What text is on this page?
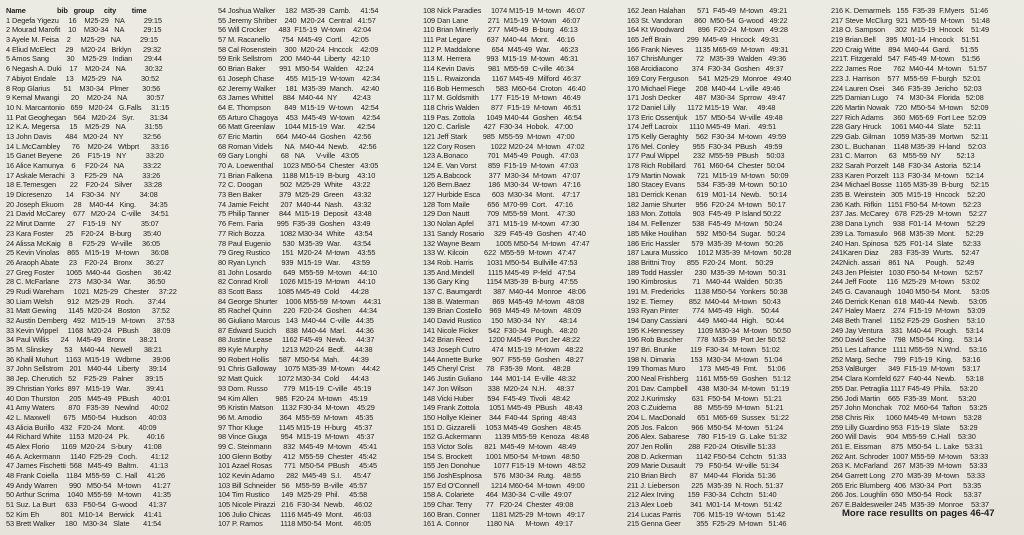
Name                bib   group     city        time
1 Degefa Yigezu     16    M25-29   NA          29:15
2 Mourad Marofit    10    M30-34   NA          29:15
3 Ayele M. Feisa    2     M25-29   NA          29:15
4 Eliud McElect     29    M20-24   Brklyn      29:32
5 Amos Sang         30    M25-29   Indian      29:44
6 Negash A. Duki    17    M20-24   NA          30:32
7 Abiyot Endale     13    M25-29   NA          30:52
8 Rop Glarius       51    M30-34   Plmer       30:56
9 Kemal Mwangi      20    M20-24   NA          30:57
10 N. Marcantonio   659   M20-24   G.Falls     31:15
11 Pat Geoghegan    564   M20-24   Syr.        31:34
12 K.A. Megersa     15    M25-29   NA          31:55
13 John Davis       484   M20-24   NY          32:56
14 L.McCambley      76    M20-24   Wtbprt      33:16
15 Ganet Beyene     26    F15-19   NY          33:20
16 Alice Kamunya    6     F20-24   NA          33:22
17 Askale Merachi   3     F25-29   NA          33:26
18 E.Temesgen       22    F20-24   Silver      33:28
19 Dicresenzo       14    F30-34   NY          34:08
20 Joseph Ekuom     28    M40-44   King.       34:35
21 David McCarey    677   M20-24   C-ville     34:51
22 Mirut Damte      27    F15-19   NY          35:07
23 Kara Foster      25    F20-24   B-burg      35:40
24 Alissa McKaig    8     F25-29   W-ville     36:05
25 Kevin Vinolas    865   M15-19   M-town      36:08
26 Araoph Abate     23    F20-24   Bronx       36:27
27 Greg Foster      1065  M40-44   Goshen      36:42
28 C. McFarlane     273   M30-34   War.        36:50
29 Rudi Wareham     1021  M25-29   Chester     37:22
30 Liam Welsh       912   M25-29   Roch.       37:44
31 Matt Gewing      1145  M20-24   Boston      37:52
32 Austin Demberg   492   M15-19   M-town      37:53
33 Kevin Wippel     1168  M20-24   PBush       38:09
34 Paul Willis      24    M45-49   Bronx       38:21
35 M. Slinskey      53    M40-44   Newell      38:21
36 Khalil Muhurt    1163  M15-19   Wdbrne      39:06
37 John Sellstrom   201   M40-44   Liberty     39:14
38 Jep. Cherutich   52    F25-29   Palner      39:15
39 Christian Yorks  897   M15-19   War.        39:41
40 Don Thurston     205   M45-49   PBush       40:01
41 Amy Waters       870   F35-39   Newlnd      40:02
42 L. Maxwell       675   M50-54   Hudson      40:03
43 Alicia Burillo   432   F20-24   Mont.       40:09
44 Richard White    1153  M20-24   Pk.         40:16
45 Alex Florio      1169  M20-24   S-bury      41:08
46 A. Ackermann     1140  F25-29   Coch.       41:12
47 James Fischetti  568   M45-49   Baltm.      41:13
48 Frank Coiella    1184  M55-59   C. Hall     41:26
49 Andy Warren      990   M50-54   M-town      41:27
50 Arthur Scrima    1040  M55-59   M-town      41:35
51 Suz. La Burt     633   F50-54   G-wood      41:37
52 Kim Eh           801   M10-14   Berwick     41:41
53 Brett Walker     180   M30-34   Slate       41:54
54 Joshua Walker     182  M35-39  Camb.     41:54
55 Jeremy Shriber    240  M20-24  Central   41:57
56 Will Crocker      483  F15-19  W-town    42:04
57 M. Racanello      754  M45-49  Cortl.    42:05
58 Cal Rosenstein    300  M20-24  Hnccck    42:09
59 Erik Sellstrom    200  M40-44  Liberty   42:10
60 Brian Baker       991  M50-54  Walden    42:24
61 Joseph Chase      455  M15-19  W-town    42:34
62 Jeremy Walker     181  M35-39  Manch.    42:40
63 James Whittel     884  M40-44  NY        42:43
64 E. Thompson       849  M15-19  W-town    42:54
65 Arturo Chagoya    453  M45-49  W-town    42:54
66 Matt Greenlaw     1044 M15-19  War.      42:54
67 Eric Martin       664  M40-44  Goshen    42:56
68 Roman Videls      NA   M40-44  Newb.     42:56
69 Gary Longhi       68   NA      V-ville   43:05
70 A. Loewenthal     1023 M50-54  Chester   43:05
71 Brian Falkena     1188 M15-19  B-burg    43:10
72 C. Doogan         502  M25-29  White     43:22
73 Ben Baker         379  M25-29  Green     43:32
74 Jamie Feicht      207  M40-44  Nash.     43:32
75 Philip Tanner     844  M15-19  Deposit   43:48
76 Fern. Faria       995  F35-39  Goshen    43:49
77 Rich Bozza        1082 M30-34  White     43:54
78 Paul Eugenio      530  M35-39  War.      43:54
79 Greg Rustico      151  M20-24  M-town    43:55
80 Ryan Lynch        939  M15-19  War.      43:59
81 John Losardo      649  M55-59  M-town    44:10
82 Conrad Kroll      1026 M15-19  M-town    44:10
83 Scott Bass        1085 M45-49  Cold      44:28
84 George Shurter    1006 M55-59  M-town    44:31
85 Rachel Quinn      220  F20-24  Goshen    44:34
86 Giuliano Marcus   143  M40-44  C-ville   44:35
87 Edward Sucich     838  M40-44  Marl.     44:36
88 Justine Lease     1162 F45-49  Newb.     44:37
89 Kyle Murphy       1213 M20-24  Bedf.     44:38
90 Robert Hollis     587  M50-54  Mah.      44:39
91 Chris Galloway    1075 M35-39  M-town    44:42
92 Matt Quick        1072 M30-34  Cold      44:43
93 Dom. Russo        779  M15-19  C-ville   45:19
94 Kim Allen         985  F20-24  M-town    45:19
95 Kristin Matson    1132 F30-34  M-town    45:29
96 M. Amodio         364  M55-59  M-town    45:35
97 Thor Kluge        1145 M15-19  H-burg    45:37
98 Vince Giuga       954  M15-19  M-town    45:37
99 C. Steinmann      832  M45-49  M-town    45:41
100 Glenn Botby      412  M55-59  Chester   45:42
101 Azael Rosas      771  M50-54  PBush     45:45
102 Kevin Adamo      282  M45-49  S.I.      45:47
103 Bill Schneider   56   M55-59  B-ville   45:57
104 Tim Rustico      149  M25-29  Phil.     45:58
105 Nicole Pirazzi   216  F30-34  Newb.     46:02
106 Julio Chicas     1116 M45-49  Mont.     46:03
107 P. Ramos         1118 M50-54  Mont.     46:05
108 Nick Paradies     1074 M15-19  M-town   46:07
109 Dan Lane          271  M15-19  W-town   46:07
110 Brian Minerly     277  M45-49  B-burg   46:13
111 Pat Legare        637  M40-44  Mont.    46:16
112 P. Maddalone      654  M45-49  War.     46:23
113 M. Herrera        993  M15-19  M-town   46:31
114 Kevin Davis       981  M55-59  C-ville  46:34
115 L. Rwaizonda      1167 M45-49  Milford  46:37
116 Bob Hermesch      583  M60-64  Croton   46:40
117 M. Goldsmith      177  F15-19  M-town   46:49
118 Chris Walden      877  F15-19  M-town   46:51
119 Pas. Zottola      1049 M40-44  Goshen   46:54
120 C. Carlisle       427  F30-34  Hobok.   47:00
121 Jeff Stark        985  M55-59  M-town   47:00
122 Cory Rosen        1022 M20-24  M-town   47:02
123 A.Bonaco          701  M45-49  Pough.   47:03
124 E. Van Vorst      859  F15-19  M-town   47:03
125 A.Babcock         377  M30-34  M-town   47:07
126 Bern.Baez         186  M30-34  W-town   47:16
127 Hurbide Esca      603  M30-34  Mont.    47:17
128 Tom Maile         656  M70-99  Cort.    47:16
129 Don Nautt         709  M55-59  Mont.    47:30
130 Nolan Apfel       371  M15-19  M-town   47:30
131 Sandy Rosario     329  F45-49  Goshen   47:40
132 Wayne Beam        1005 M50-54  M-town   47:47
133 W. Kilcoin        622  M55-59  M-town   47:47
134 Rob. Harris       1031 M50-54  Bullville 47:53
135 And.Mindell       1115 M45-49  P-feld   47:54
136 Gary King         1154 M35-39  B-burg   47:55
137 C. Baumgardt      387  M40-44  Monroe   48:06
138 B. Waterman       869  M45-49  M-town   48:08
139 Brian Costello    969  M45-49  M-town   48:09
140 David Rustico     150  M30-34  NY       48:14
141 Nicole Ficker     542  F30-34  Pough.   48:20
142 Brian Reed        1200 M45-49  Port Jer 48:22
143 Joseph Cutro      474  M15-19  M-town   48:22
144 Annette Burke     907  F55-59  Goshen   48:27
145 Cheryl Crist      78   F35-39  Mont.    48:28
146 Justin Guliano    144  M01-14  E-ville  48:32
147 Jon Wilson        338  M20-24  N.H.     48:37
148 Vicki Huber       594  F45-49  Tivoli   48:42
149 Frank Zottola     1051 M45-49  PBush    48:43
150 Hollye Kleiner    344  F40-44  Spring   48:43
151 D. Gizzarelli     1053 M45-49  Goshen   48:45
152 G.Ackermann       1139 M55-59  Kenoza   48:48
153 Victor Solis      821  M45-49  M-town   48:49
154 S. Brockett       1001 M50-54  M-town   48:50
155 Jen Donohue       1077 F15-19  M-town   48:52
156 JoshEsplnosa      576  M30-34  Rutg.    48:55
157 Ed O'Connell      1214 M60-64  M-town   49:00
158 A. Colariete      464  M30-34  C-ville  49:07
159 Char. Terry       77   F20-24  Chester  49:08
160 Bran. Conner      1181 M25-29  M-town   49:17
161 A. Connor         1180 NA      M-town   49:17
162 Jean Halahan      571  F45-49  M-town   49:21
163 St. Vandoran      860  M50-54  G-wood   49:22
164 Kt Woodward       896  F20-24  M-town   49:28
165 Jeff Brain        299  M45-49  Hncock   49:31
166 Frank Nieves      1135 M65-69  M-town   49:31
167 ChrisMunger       72   M35-39  Walden   49:36
168 Arcidiacono       374  F30-34  Goshen   49:37
169 Cory Ferguson     541  M25-29  Monroe   49:40
170 Michael Fiege     208  M40-44  L-ville  49:46
171 Josh Decker       487  M30-34  Sprrow   49:47
172 Daniel Lilly      1172 M15-19  War.     49:48
173 Eric Ossentjuk    157  M50-54  W-ville  49:48
174 Jeff Lacroix      1110 M45-49  Mari.    49:51
175 Kelly Geraghty    562  F30-34  M-town   49:59
176 Mel. Conley       955  F30-34  PBush    49:59
177 Paul Wippel       232  M55-59  PBush    50:03
178 Rich Robillard    761  M60-64  Chester  50:04
179 Martin Nowak      721  M15-19  M-town   50:09
180 Stacey Evans      534  F35-39  M-town   50:10
181 Derrick Kenan     619  M01-14  Newb.    50:14
182 Jamie Shurter     956  F20-24  M-town   50:17
183 Mon. Zottola      903  F45-49  P Island 50:22
184 M. Fellenzer      538  F45-49  M-town   50:24
185 Mike Houlihan     592  M50-54  Sugar.   50:24
186 Eric Hassler      579  M35-39  M-town   50:26
187 Laura Mussico     1012 M35-39  M-town   50:28
188 Brittni Troy      855  F20-24  Mont.    50:29
189 Todd Hassler      230  M35-39  M-town   50:31
190 Kimbrosius        71   M40-44  Walden   50:35
191 M. Fredericks     1138 M50-54  Yonkers  50:38
192 E. Tierney        852  M40-44  M-town   50:43
193 Ryan Pinter       774  M45-49  High.    50:44
194 Dany Cassiani     449  M40-44  High.    50:44
195 K.Hennessey       1109 M30-34  M-town   50:50
196 Rob Buscher       778  M35-39  Port Jer 50:52
197 Bri. Brunke       119  F30-34  M-town   51:02
198 N. Dimaria        153  M30-34  M-town   51:04
199 Thomas Muro       173  M45-49  Fmt.     51:06
200 Neal Frishberg    1161 M55-59  Goshen   51:12
201 Dav. Campbell     438  M30-34  M-town   51:19
202 J.Kurimsky        631  F50-54  M-town   51:21
203 C.Zuidema         88   M55-59  M-town   51:21
204 L. MacDonald      651  M65-69  Sussex   51:22
205 Jos. Falcon       966  M50-54  M-town   51:24
206 Alex. Sabarese    780  F15-19  G. Lake  51:32
207 Jen Rollin        288  F20-24  Otisville 51:33
208 D. Ackerman       1142 F50-54  Cchctn   51:33
209 Marie Dusault     79   F50-54  W-ville  51:34
210 Brian Birch       87   M40-44  Florida  51:36
211 J. Lieberson      225  M35-39  N. Roch. 51:37
212 Alex Irving       159  F30-34  Cchctn   51:40
213 Alex Loeb         341  M01-14  M-town   51:42
214 Lucas Parris      706  M15-19  W-town   51:42
215 Genna Geer        355  F25-29  M-town   51:46
216 K. Demarmels   155  F35-39  F.Myers   51:46
217 Steve McClurg  921  M55-59  M-town    51:48
218 O. Sampson     302  M15-19  Hncock    51:49
219 Brian.Bell     395  M01-14  Hncock    51:51
220 Craig Witte    894  M40-44  Gard.     51:55
221T. Fitzgerald   547  F45-49  M-town    51:56
222 James Roe      762  M40-44  M-town    51:57
223 J. Harrison    577  M55-59  F-burgh   52:01
224 Lauren Osei    346  F35-39  Jericho   52:03
225 Damian Lugo    74   M30-34  Florida   52:08
226 Martin Nowak   720  M50-54  M-town    52:09
227 Rich Adams     360  M65-69  Fort Lee  52:09
228 Gary Hruck     1061 M40-44  Slate     52:11
229 Gab. Gilman    1059 M35-39  Mortwn    52:11
230 L. Buchanan    1148 M35-39  H-land    52:03
231 C. Marron      63   M55-59  NY        52:13
232 Sarah Porzelt  148  F30-34  Astoria   52:14
233 Karen Porzelt  113  F30-34  M-town    52:14
234 Michael Bosse  1165 M35-39  B-burg    52:15
235 B. Weinstein   305  M15-19  Hncock    52:20
236 Kath. Rifkin   1151 F50-54  M-town    52:23
237 Jas. McCarey   678  F25-29  M-town    52:27
238 Dana Lynch     938  F01-14  M-town    52:29
239 La. Tomasulo   968  M35-39  Mont.     52:29
240 Han. Spinosa   525  F01-14  Slate     52:33
241Karen Diaz      283  F35-39  Wurts.    52:47
242Nich. assari    861  NA      Pough.    52:49
243 Jen Pfeister   1030 F50-54  M-town    52:57
244 Jeff Foote     116  M25-29  M-town    53:02
245 G. Cavanaugh   1040 M50-54  Mont.     53:05
246 Derrick Kenan  618  M40-44  Newb.     53:05
247 Haley Maerz    274  F15-19  M-town    53:09
248 Beth Tranel    1152 F25-29  Goshen    53:10
249 Jay Ventura    331  M40-44  Pough.    53:14
250 David Seche    798  M50-54  King.     53:14
251 Les Lafrance   1111 M55-59  N.Wnd.    53:16
252 Marg. Seche    799  F15-19  King.     53:16
253 ValBurger      349  F15-19  M-town    53:17
254 Clara Kornfeld 627  F40-44  Newb.     53:18
255 Dar. Petraglia 1117 F45-49  Phila.    53:20
256 Jodi Martin    665  F35-39  Mont.     53:20
257 John Monchak   702  M60-64  Tafton    53:25
258 Chris Rix      1060 M45-49  M-town    53:28
259 Lilly Guardino 953  F15-19  Slate     53:29
260 Will Davis     904  M55-59  C.Hall    53:30
261 E. Eissman     875  M50-54  L. Lake   53:31
262 Ant. Schroder  1007 M55-59  M-town    53:33
263 K. McFarland   267  M35-39  M-town    53:33
264 Garrett Long   270  M35-39  M-town    53:33
265 Eric Blumberg  406  M30-34  Port      53:35
266 Jos. Loughlin  650  M50-54  Rock      53:37
267 E.Baldesweiler 245  M35-39  Monroe    53:37
More race resullts on pages 46-47
